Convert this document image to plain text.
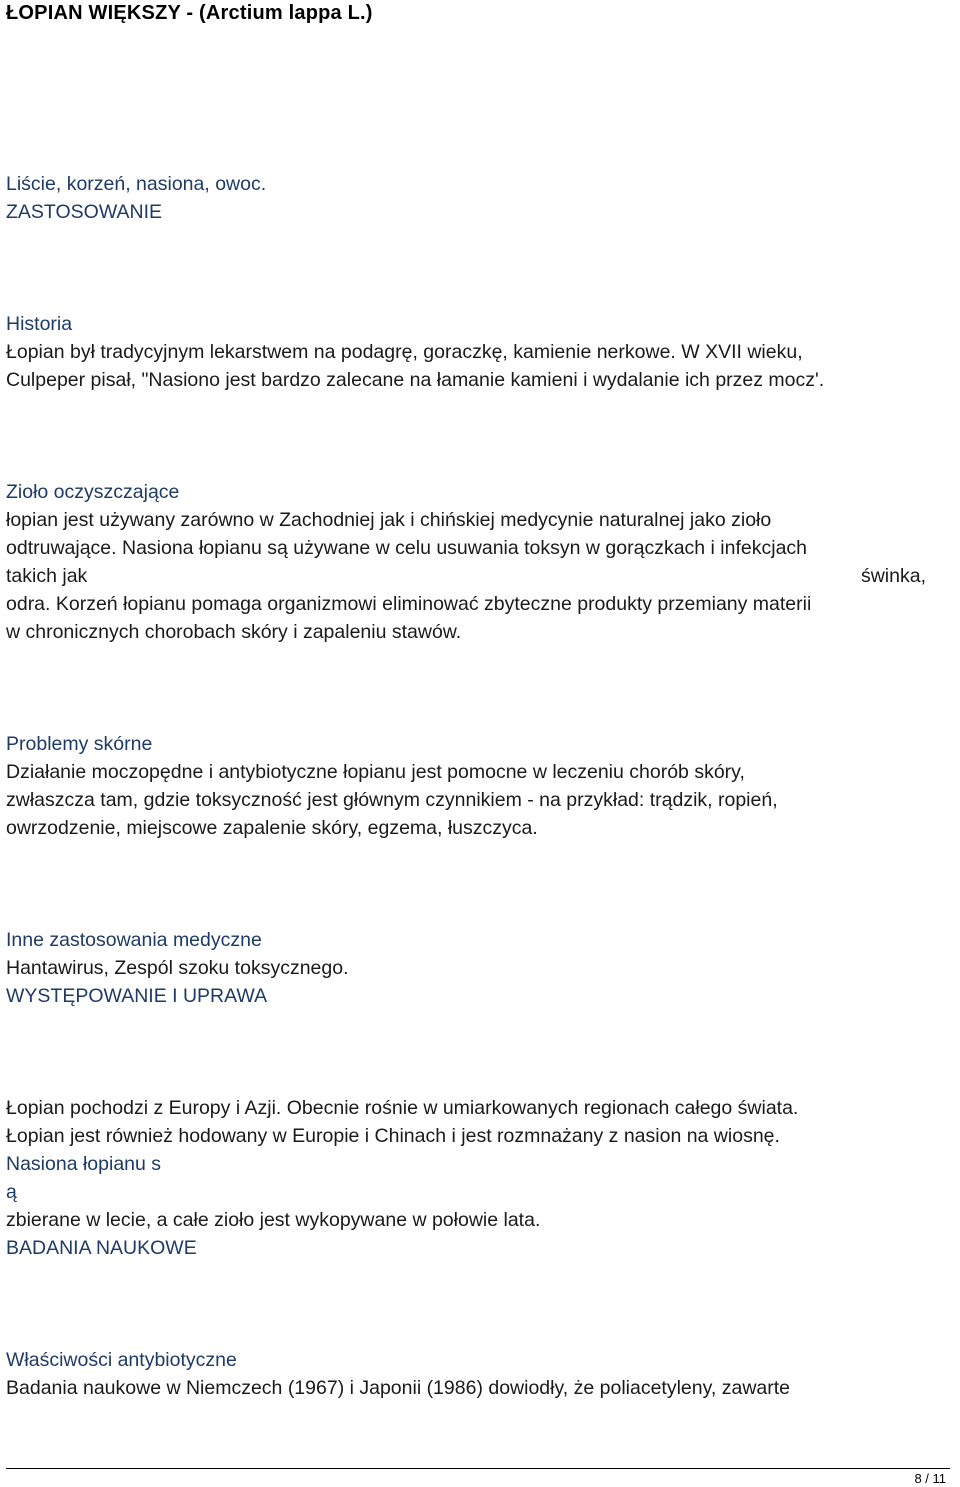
ŁOPIAN WIĘKSZY - (Arctium lappa L.)
Liście, korzeń, nasiona, owoc.
ZASTOSOWANIE
Historia
Łopian był tradycyjnym lekarstwem na podagrę, goraczkę, kamienie nerkowe. W XVII wieku,
Culpeper pisał, "Nasiono jest bardzo zalecane na łamanie kamieni i wydalanie ich przez mocz'.
Zioło oczyszczające
łopian jest używany zarówno w Zachodniej jak i chińskiej medycynie naturalnej jako zioło
odtruwające. Nasiona łopianu są używane w celu usuwania toksyn w gorączkach i infekcjach
takich jak	świnka,
odra. Korzeń łopianu pomaga organizmowi eliminować zbyteczne produkty przemiany materii
w chronicznych chorobach skóry i zapaleniu stawów.
Problemy skórne
Działanie moczopędne i antybiotyczne łopianu jest pomocne w leczeniu chorób skóry,
zwłaszcza tam, gdzie toksyczność jest głównym czynnikiem - na przykład: trądzik, ropień,
owrzodzenie, miejscowe zapalenie skóry, egzema, łuszczyca.
Inne zastosowania medyczne
Hantawirus, Zespól szoku toksycznego.
WYSTĘPOWANIE I UPRAWA
Łopian pochodzi z Europy i Azji. Obecnie rośnie w umiarkowanych regionach całego świata.
Łopian jest również hodowany w Europie i Chinach i jest rozmnażany z nasion na wiosnę.
Nasiona łopianu s
ą
zbierane w lecie, a całe zioło jest wykopywane w połowie lata.
BADANIA NAUKOWE
Właściwości antybiotyczne
Badania naukowe w Niemczech (1967) i Japonii (1986) dowiodły, że poliacetyleny, zawarte
8 / 11
